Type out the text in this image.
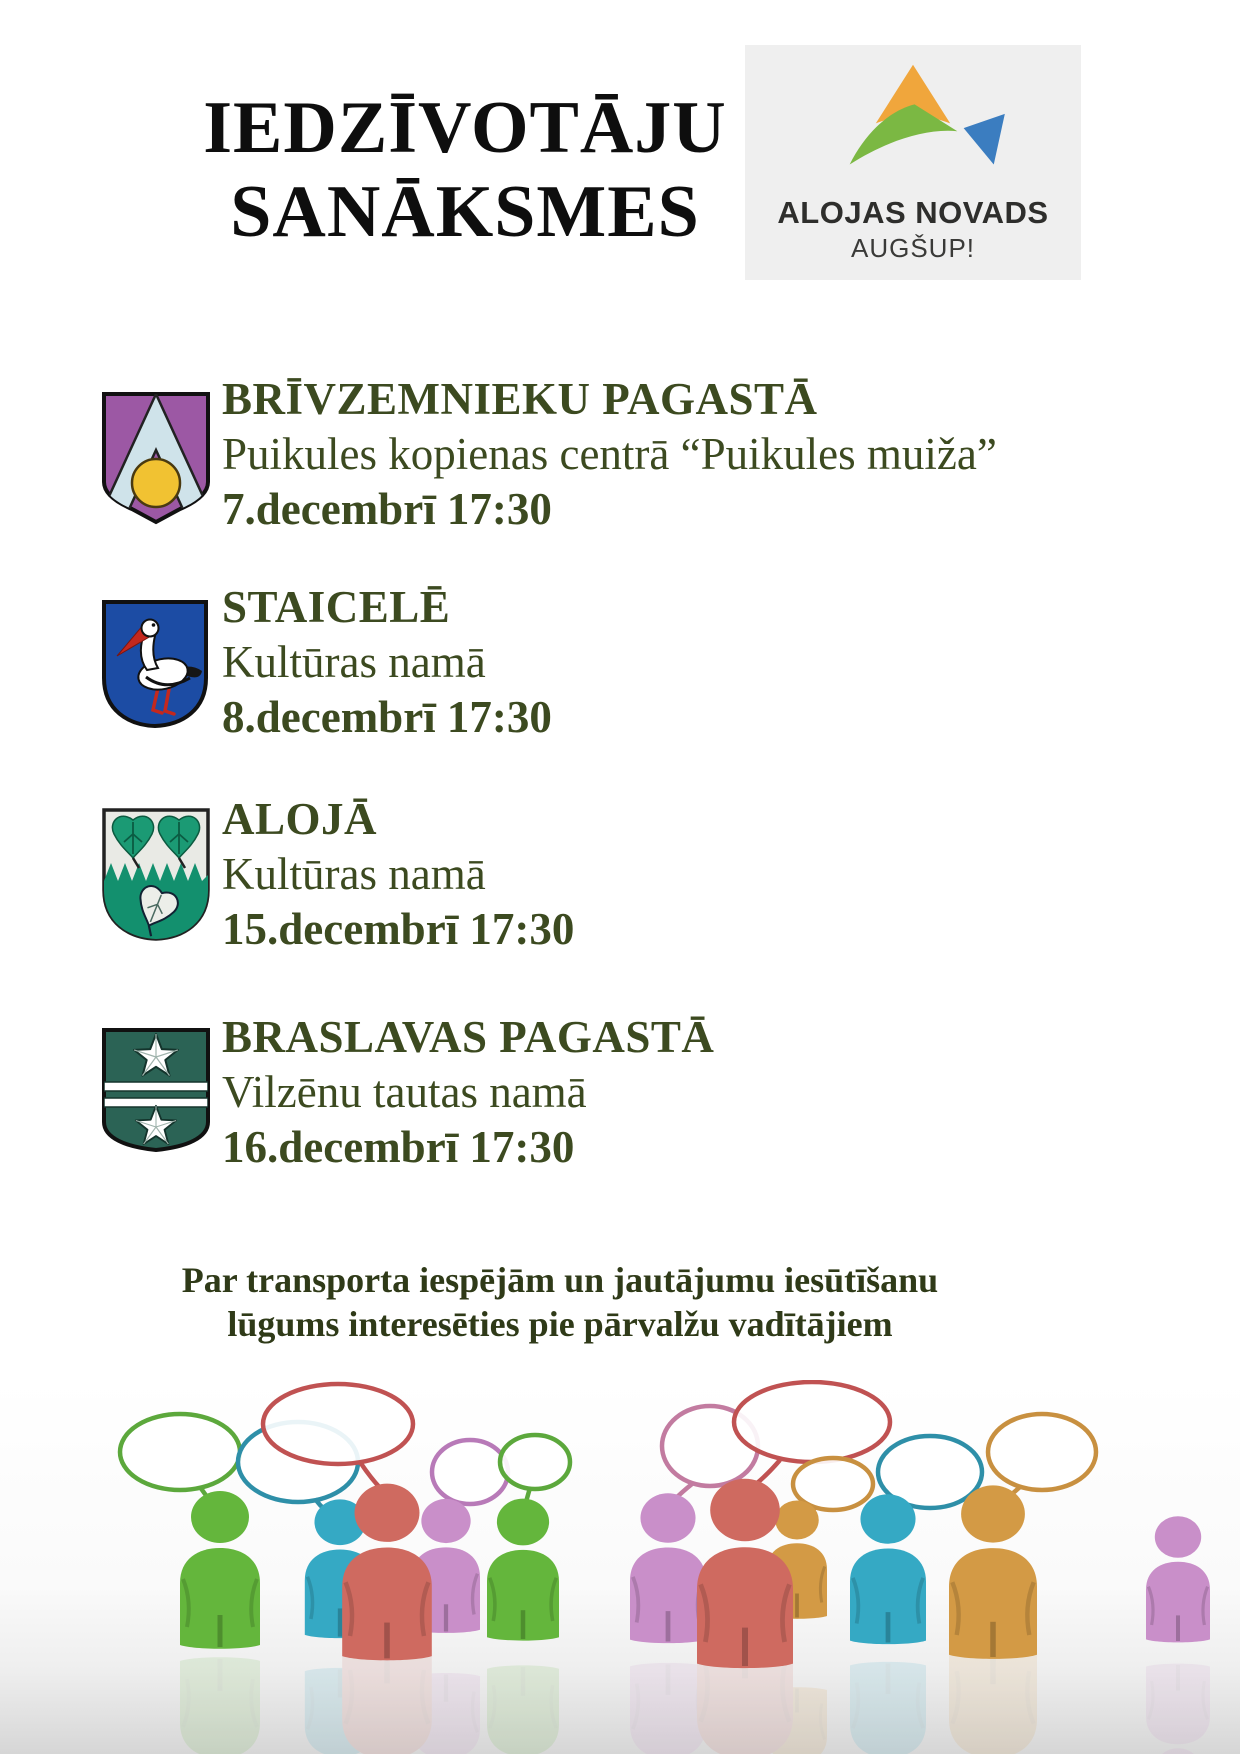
IEDZĪVOTĀJU
SANĀKSMES	ALOJAS NOVADS
AUGŠUP!
BRĪVZEMNIEKU PAGASTĀ
Puikules kopienas centrā “Puikules muiža”
7.decembrī 17:30
STAICELĒ
Kultūras namā
8.decembrī 17:30
ALOJĀ
Kultūras namā
15.decembrī 17:30
BRASLAVAS PAGASTĀ
Vilzēnu tautas namā
16.decembrī 17:30
Par transporta iespējām un jautājumu iesūtīšanu
lūgums interesēties pie pārvalžu vadītājiem
